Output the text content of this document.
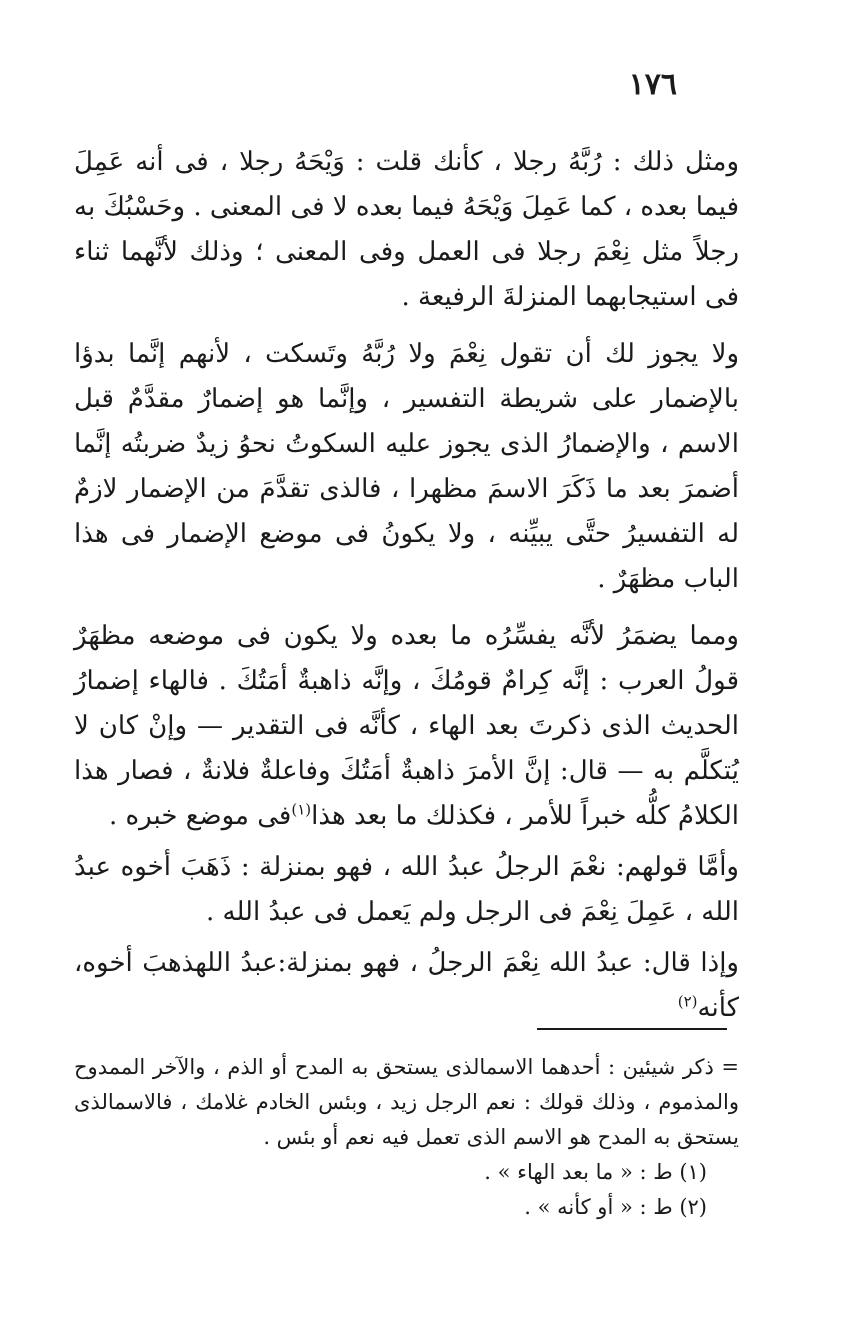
١٧٦

ومثل ذلك : رُبَّهُ رجلا ، كأنك قلت : وَيْحَهُ رجلا ، فى أنه عَمِلَ فيما بعده ، كما عَمِلَ وَيْحَهُ فيما بعده لا فى المعنى . وحَسْبُكَ به رجلاً مثل نِعْمَ رجلا فى العمل وفى المعنى ؛ وذلك لأنَّهما ثناء فى استيجابهما المنزلةَ الرفيعة .

ولا يجوز لك أن تقول نِعْمَ ولا رُبَّهُ وتَسكت ، لأنهم إنَّما بدؤا بالإضمار على شريطة التفسير ، وإنَّما هو إضمارٌ مقدَّمٌ قبل الاسم ، والإضمارُ الذى يجوز عليه السكوتُ نحوُ زيدٌ ضربتُه إنَّما أضمرَ بعد ما ذَكَرَ الاسمَ مظهرا ، فالذى تقدَّمَ من الإضمار لازمٌ له التفسيرُ حتَّى يبيِّنه ، ولا يكونُ فى موضع الإضمار فى هذا الباب مظهَرٌ .

ومما يضمَرُ لأنَّه يفسِّرُه ما بعده ولا يكون فى موضعه مظهَرٌ قولُ العرب : إنَّه كِرامٌ قومُكَ ، وإنَّه ذاهبةٌ أمَتُكَ . فالهاء إضمارُ الحديث الذى ذكرتَ بعد الهاء ، كأنَّه فى التقدير — وإنْ كان لا يُتكلَّم به — قال: إنَّ الأمرَ ذاهبةٌ أمَتُكَ وفاعلةٌ فلانةٌ ، فصار هذا الكلامُ كلُّه خبراً للأمر ، فكذلك ما بعد هذا$^{(١)}$فى موضع خبره .

وأمَّا قولهم: نعْمَ الرجلُ عبدُ الله ، فهو بمنزلة : ذَهَبَ أخوه عبدُ الله ، عَمِلَ نِعْمَ فى الرجل ولم يَعمل فى عبدُ الله .

وإذا قال: عبدُ الله نِعْمَ الرجلُ ، فهو بمنزلة:عبدُ اللهذهبَ أخوه، كأنه$^{(٢)}$

= ذكر شيئين : أحدهما الاسمالذى يستحق به المدح أو الذم ، والآخر الممدوح والمذموم ، وذلك قولك : نعم الرجل زيد ، وبئس الخادم غلامك ، فالاسمالذى يستحق به المدح هو الاسم الذى تعمل فيه نعم أو بئس .

(١) ط : « ما بعد الهاء » .

(٢) ط : « أو كأنه » .
